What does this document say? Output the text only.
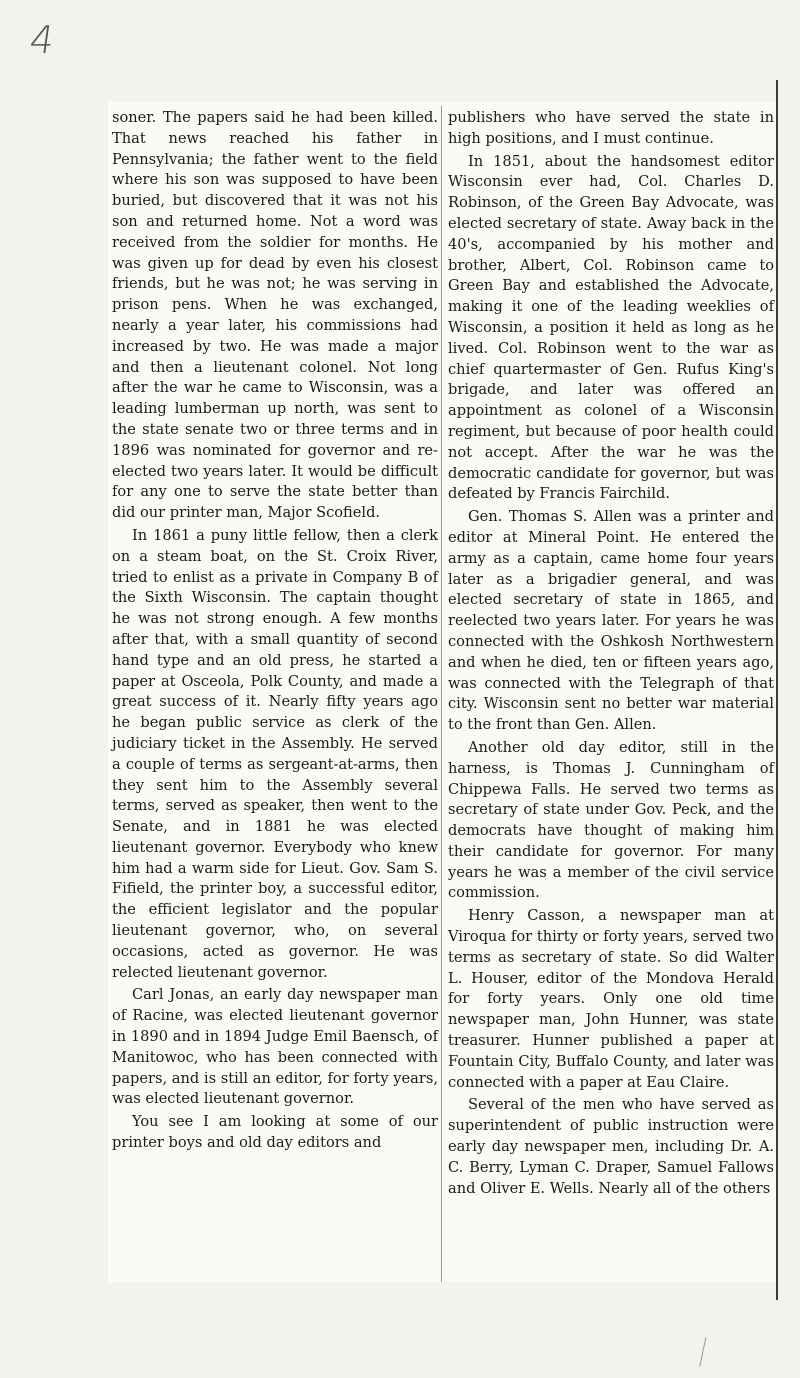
4

soner. The papers said he had been killed. That news reached his father in Pennsylvania; the father went to the field where his son was supposed to have been buried, but discovered that it was not his son and returned home. Not a word was received from the soldier for months. He was given up for dead by even his closest friends, but he was not; he was serving in prison pens. When he was exchanged, nearly a year later, his commissions had increased by two. He was made a major and then a lieutenant colonel. Not long after the war he came to Wisconsin, was a leading lumberman up north, was sent to the state senate two or three terms and in 1896 was nominated for governor and re-elected two years later. It would be difficult for any one to serve the state better than did our printer man, Major Scofield.

In 1861 a puny little fellow, then a clerk on a steam boat, on the St. Croix River, tried to enlist as a private in Company B of the Sixth Wisconsin. The captain thought he was not strong enough. A few months after that, with a small quantity of second hand type and an old press, he started a paper at Osceola, Polk County, and made a great success of it. Nearly fifty years ago he began public service as clerk of the judiciary ticket in the Assembly. He served a couple of terms as sergeant-at-arms, then they sent him to the Assembly several terms, served as speaker, then went to the Senate, and in 1881 he was elected lieutenant governor. Everybody who knew him had a warm side for Lieut. Gov. Sam S. Fifield, the printer boy, a successful editor, the efficient legislator and the popular lieutenant governor, who, on several occasions, acted as governor. He was relected lieutenant governor.

Carl Jonas, an early day newspaper man of Racine, was elected lieutenant governor in 1890 and in 1894 Judge Emil Baensch, of Manitowoc, who has been connected with papers, and is still an editor, for forty years, was elected lieutenant governor.

You see I am looking at some of our printer boys and old day editors and

publishers who have served the state in high positions, and I must continue.

In 1851, about the handsomest editor Wisconsin ever had, Col. Charles D. Robinson, of the Green Bay Advocate, was elected secretary of state. Away back in the 40's, accompanied by his mother and brother, Albert, Col. Robinson came to Green Bay and established the Advocate, making it one of the leading weeklies of Wisconsin, a position it held as long as he lived. Col. Robinson went to the war as chief quartermaster of Gen. Rufus King's brigade, and later was offered an appointment as colonel of a Wisconsin regiment, but because of poor health could not accept. After the war he was the democratic candidate for governor, but was defeated by Francis Fairchild.

Gen. Thomas S. Allen was a printer and editor at Mineral Point. He entered the army as a captain, came home four years later as a brigadier general, and was elected secretary of state in 1865, and reelected two years later. For years he was connected with the Oshkosh Northwestern and when he died, ten or fifteen years ago, was connected with the Telegraph of that city. Wisconsin sent no better war material to the front than Gen. Allen.

Another old day editor, still in the harness, is Thomas J. Cunningham of Chippewa Falls. He served two terms as secretary of state under Gov. Peck, and the democrats have thought of making him their candidate for governor. For many years he was a member of the civil service commission.

Henry Casson, a newspaper man at Viroqua for thirty or forty years, served two terms as secretary of state. So did Walter L. Houser, editor of the Mondova Herald for forty years. Only one old time newspaper man, John Hunner, was state treasurer. Hunner published a paper at Fountain City, Buffalo County, and later was connected with a paper at Eau Claire.

Several of the men who have served as superintendent of public instruction were early day newspaper men, including Dr. A. C. Berry, Lyman C. Draper, Samuel Fallows and Oliver E. Wells. Nearly all of the others
